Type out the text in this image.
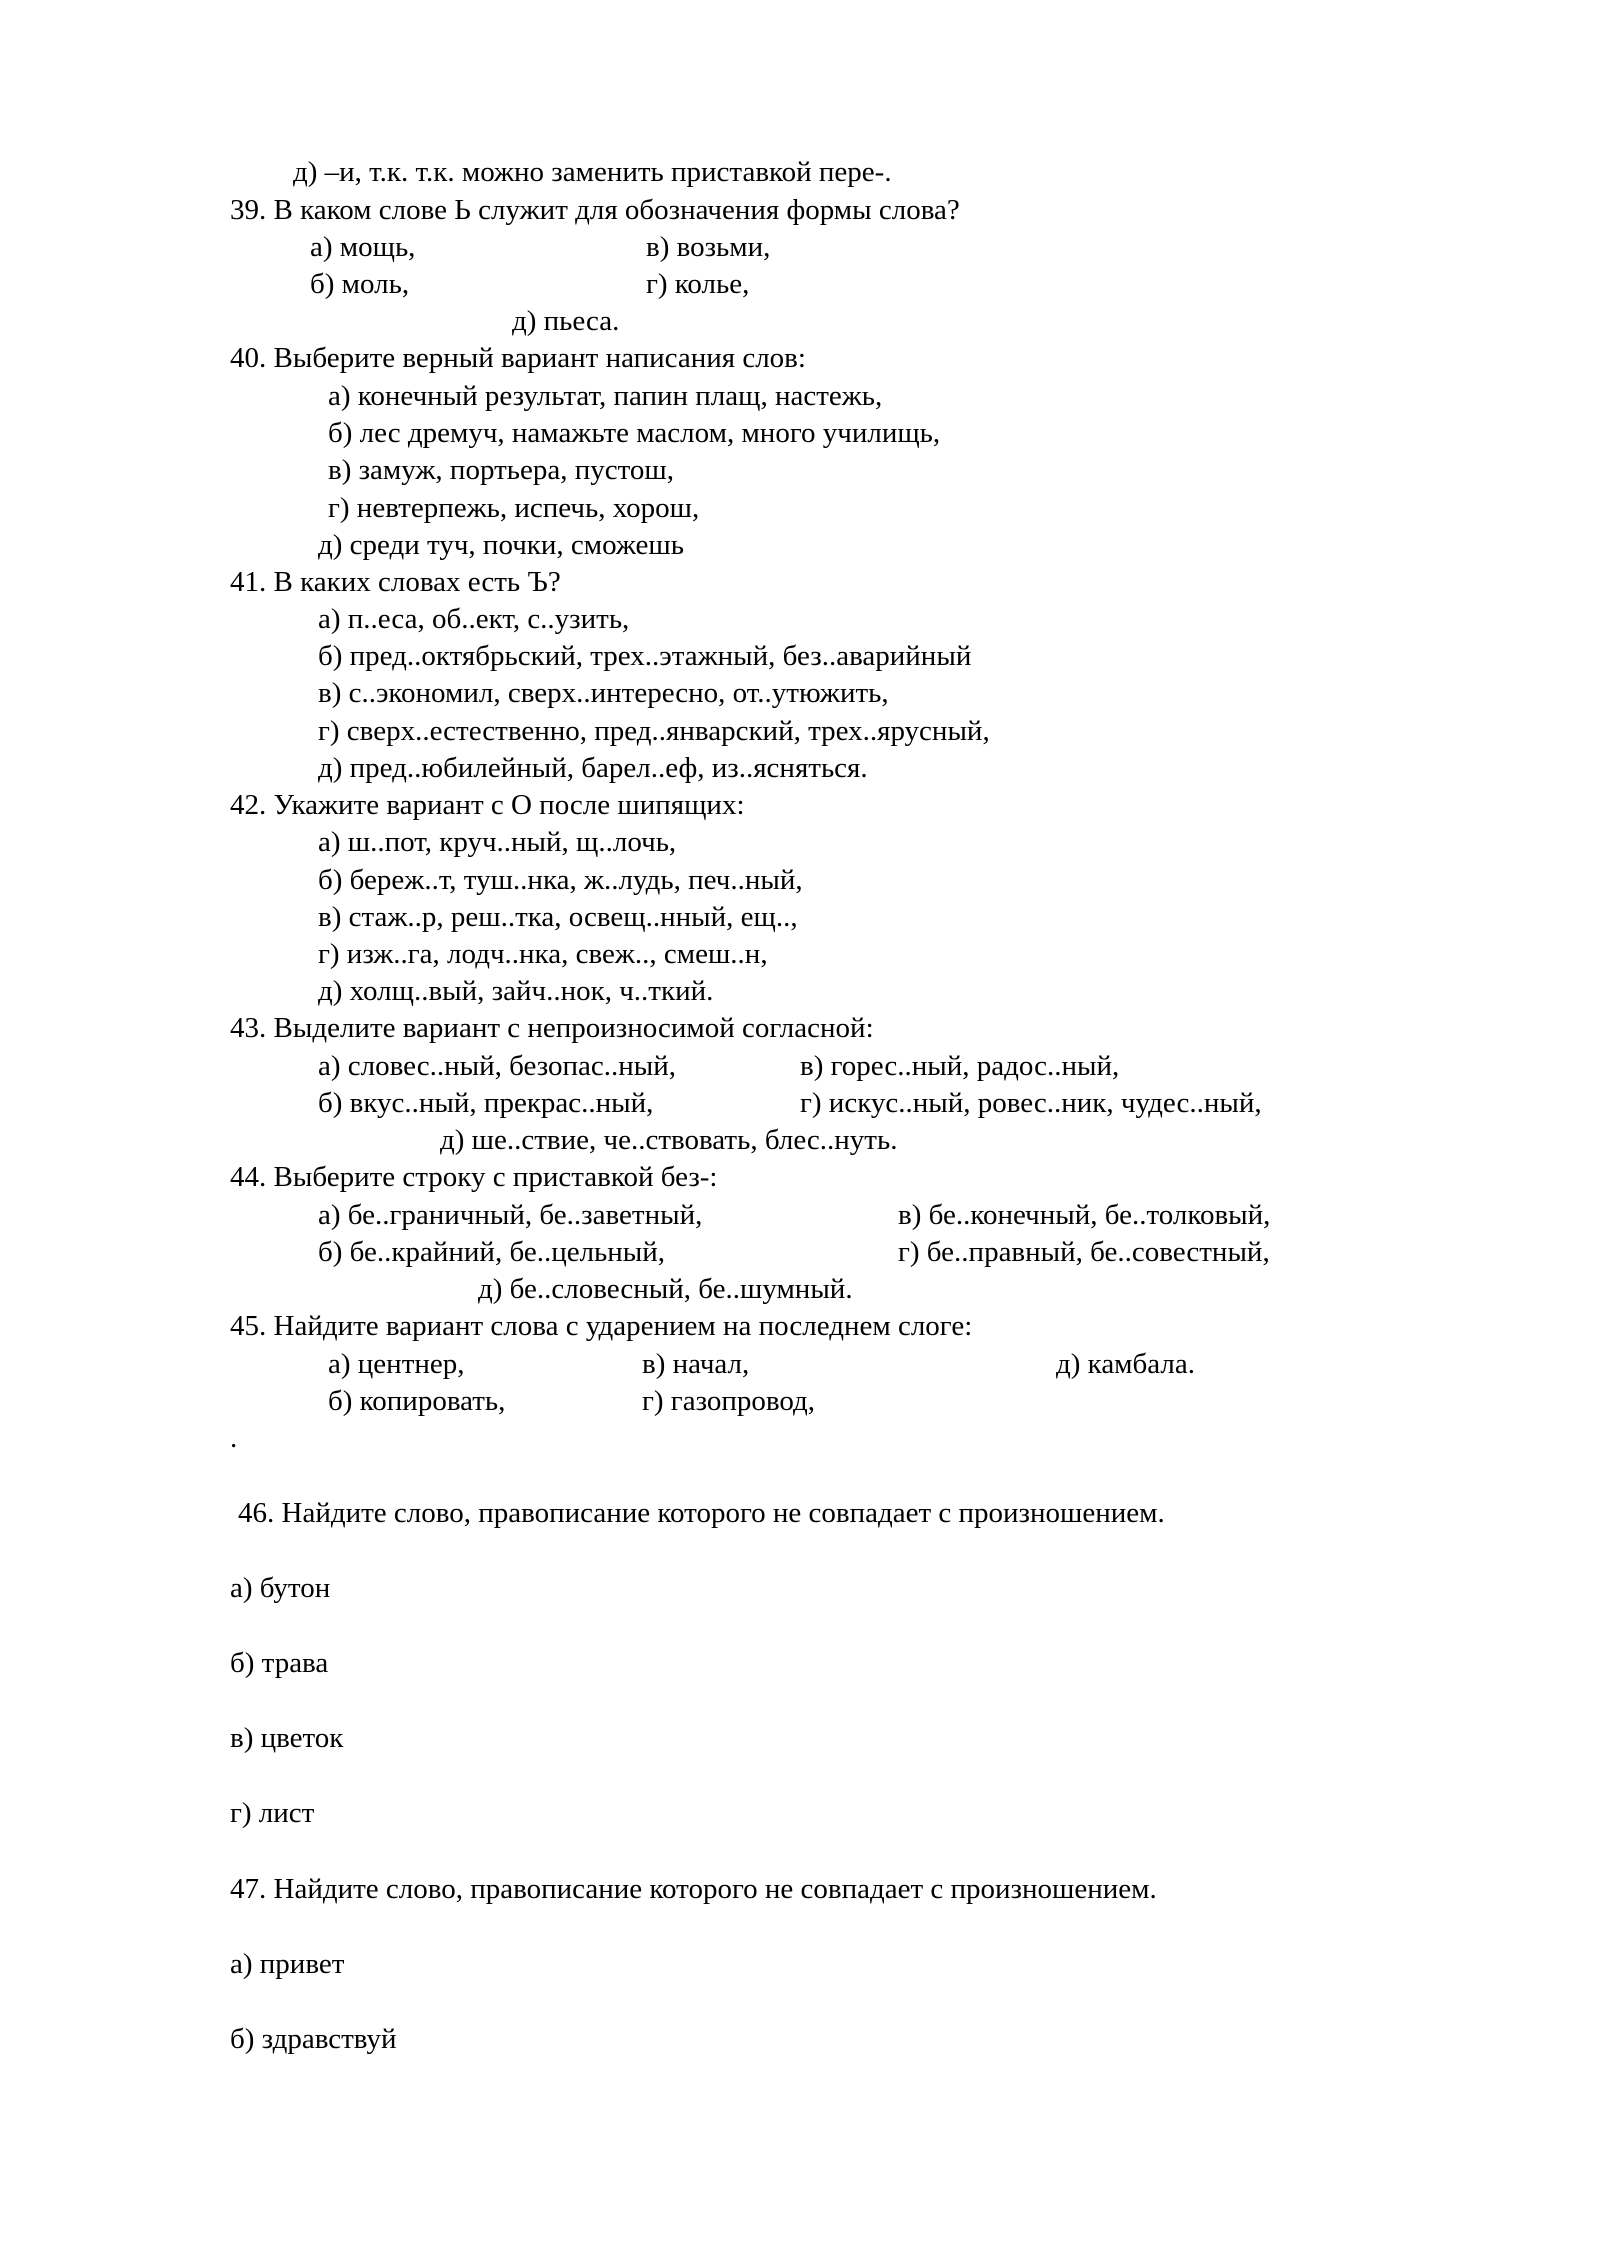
д) –и, т.к. т.к. можно заменить приставкой пере-.

39. В каком слове Ь служит для обозначения формы слова?

а) мощь,	в) возьми,

б) моль,	г) колье,

д) пьеса.

40. Выберите верный вариант написания слов:

а) конечный результат, папин плащ, настежь,

б) лес дремуч, намажьте маслом, много училищь,

в) замуж, портьера, пустош,

г) невтерпежь, испечь, хорош,

д) среди туч, почки, сможешь

41. В каких словах есть Ъ?

а) п..еса, об..ект, с..узить,

б) пред..октябрьский, трех..этажный, без..аварийный

в) с..экономил, сверх..интересно, от..утюжить,

г) сверх..естественно, пред..январский, трех..ярусный,

д) пред..юбилейный, барел..еф, из..ясняться.

42. Укажите вариант с О после шипящих:

а) ш..пот, круч..ный, щ..лочь,

б) береж..т, туш..нка, ж..лудь, печ..ный,

в) стаж..р, реш..тка, освещ..нный, ещ..,

г) изж..га, лодч..нка, свеж.., смеш..н,

д) холщ..вый, зайч..нок, ч..ткий.

43. Выделите вариант с непроизносимой согласной:

а) словес..ный, безопас..ный,	в) горес..ный, радос..ный,

б) вкус..ный, прекрас..ный,	г) искус..ный, ровес..ник, чудес..ный,

д) ше..ствие, че..ствовать, блес..нуть.

44. Выберите строку с приставкой без-:

а) бе..граничный, бе..заветный,	в) бе..конечный, бе..толковый,

б) бе..крайний, бе..цельный,	г) бе..правный, бе..совестный,

д) бе..словесный, бе..шумный.

45. Найдите вариант слова с ударением на последнем слоге:

а) центнер,	в) начал,	д) камбала.

б) копировать,	г) газопровод,

.

46. Найдите слово, правописание которого не совпадает с произношением.

а) бутон

б) трава

в) цветок

г) лист

47. Найдите слово, правописание которого не совпадает с произношением.

а) привет

б) здравствуй
